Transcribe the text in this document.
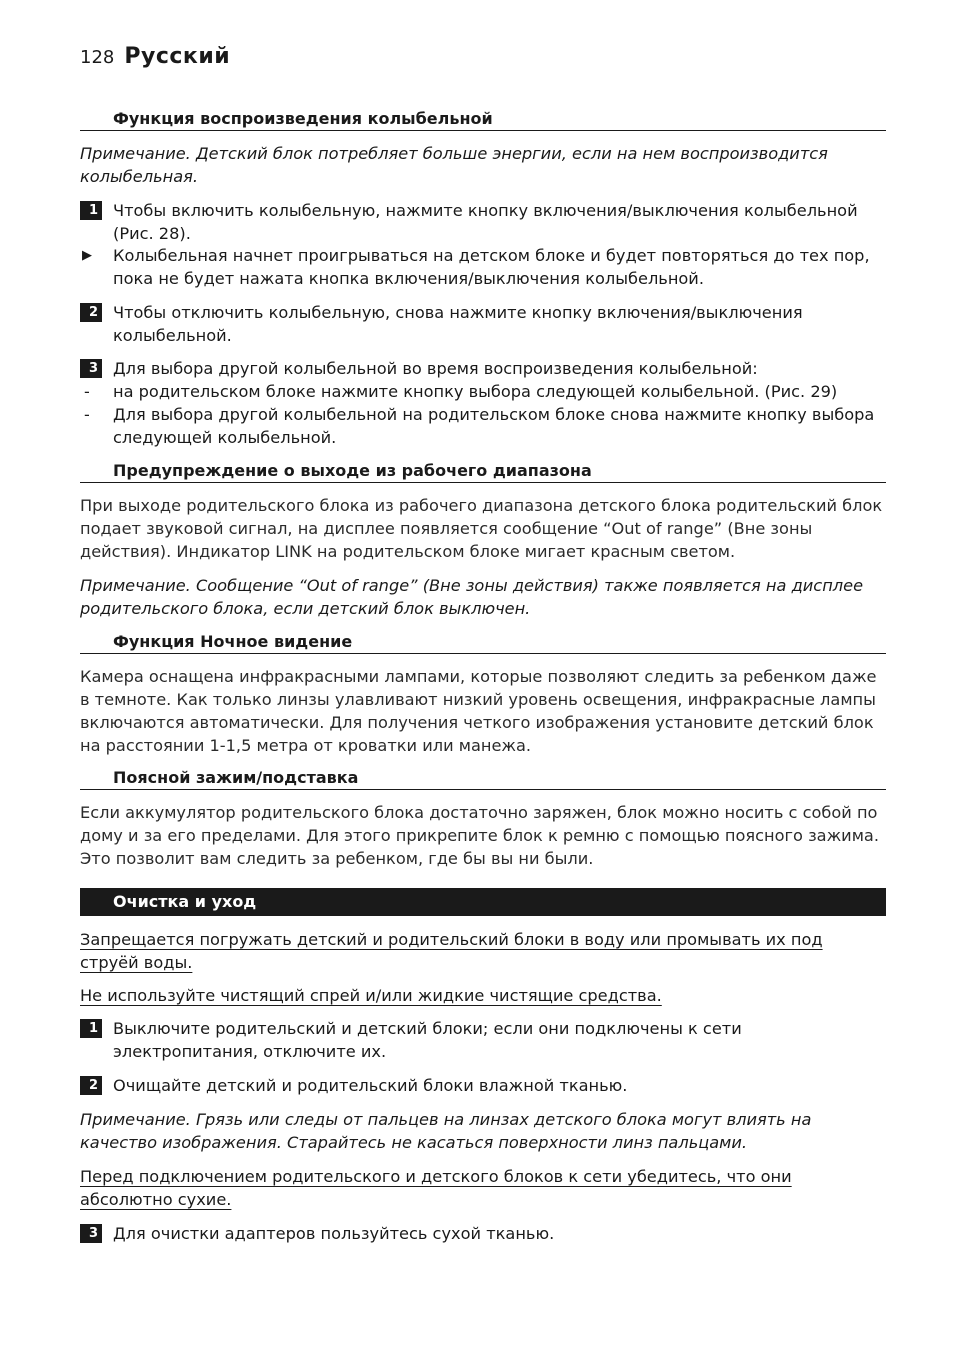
128 Русский
Функция воспроизведения колыбельной

Примечание. Детский блок потребляет больше энергии, если на нем воспроизводится колыбельная.

1 Чтобы включить колыбельную, нажмите кнопку включения/выключения колыбельной (Рис. 28).
▶ Колыбельная начнет проигрываться на детском блоке и будет повторяться до тех пор, пока не будет нажата кнопка включения/выключения колыбельной.
2 Чтобы отключить колыбельную, снова нажмите кнопку включения/выключения колыбельной.
3 Для выбора другой колыбельной во время воспроизведения колыбельной:
- на родительском блоке нажмите кнопку выбора следующей колыбельной. (Рис. 29)
- Для выбора другой колыбельной на родительском блоке снова нажмите кнопку выбора следующей колыбельной.
Предупреждение о выходе из рабочего диапазона

При выходе родительского блока из рабочего диапазона детского блока родительский блок подает звуковой сигнал, на дисплее появляется сообщение “Out of range” (Вне зоны действия). Индикатор LINK на родительском блоке мигает красным светом.

Примечание. Сообщение “Out of range” (Вне зоны действия) также появляется на дисплее родительского блока, если детский блок выключен.

Функция Ночное видение

Камера оснащена инфракрасными лампами, которые позволяют следить за ребенком даже в темноте. Как только линзы улавливают низкий уровень освещения, инфракрасные лампы включаются автоматически. Для получения четкого изображения установите детский блок на расстоянии 1-1,5 метра от кроватки или манежа.

Поясной зажим/подставка

Если аккумулятор родительского блока достаточно заряжен, блок можно носить с собой по дому и за его пределами. Для этого прикрепите блок к ремню с помощью поясного зажима. Это позволит вам следить за ребенком, где бы вы ни были.

Очистка и уход

Запрещается погружать детский и родительский блоки в воду или промывать их под струёй воды.

Не используйте чистящий спрей и/или жидкие чистящие средства.

1 Выключите родительский и детский блоки; если они подключены к сети электропитания, отключите их.
2 Очищайте детский и родительский блоки влажной тканью.

Примечание. Грязь или следы от пальцев на линзах детского блока могут влиять на качество изображения. Старайтесь не касаться поверхности линз пальцами.

Перед подключением родительского и детского блоков к сети убедитесь, что они абсолютно сухие.

3 Для очистки адаптеров пользуйтесь сухой тканью.
